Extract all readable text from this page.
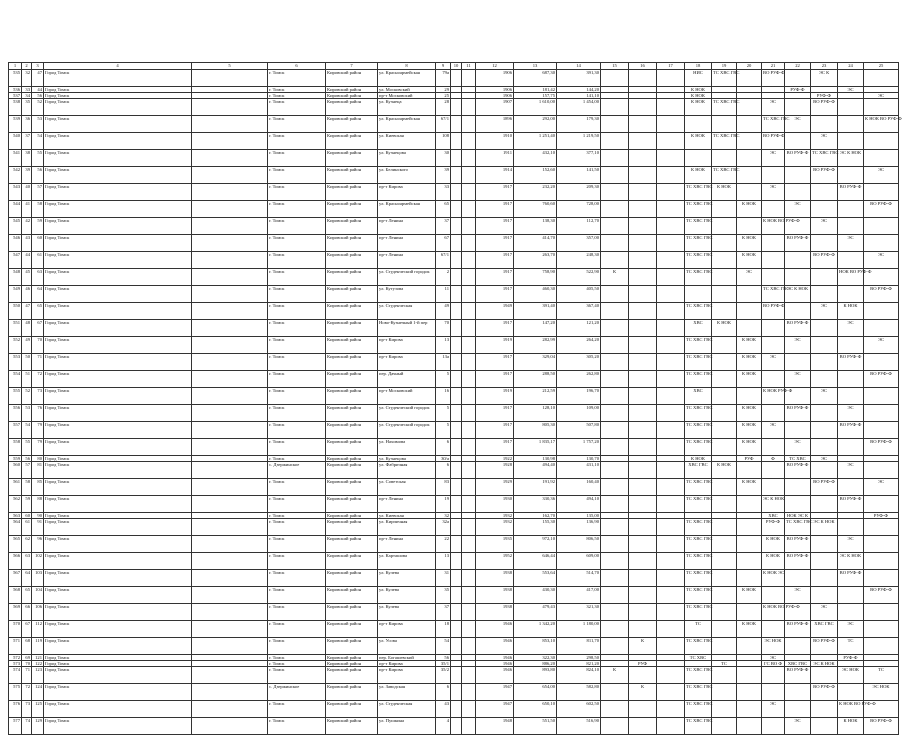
1	2	3	4	5	6	7	8	9	10	11	12	13	14	15	16	17	18	19	20	21	22	23	24	25	
535	32	47	Город Томск		г. Томск	Кировский район	ул. Красноармейская	79а			1906	687,30	391,30				НИС	ТС ХВС ГВС		ВО РУФ-Ф		ЭС К			
536	33	44	Город Томск		г. Томск	Кировский район	ул. Московский	29			1906	181,42	144,20				К НОК				РУФ-Ф		ЭС		
537	34	56	Город Томск		г. Томск	Кировский район	пр-т Московский	25			1906	157,75	141,10				К НОК					РУФ-Ф		ЭС	
538	35	52	Город Томск		г. Томск	Кировский район	ул. Кузнеца	28			1907	1 610,00	1 454,00				К НОК	ТС ХВС ГВС		ЭС		ВО РУФ-Ф			
539	36	53	Город Томск		г. Томск	Кировский район	ул. Красноармейская	67/1			1896	292,00	179,30							ТС ХВС ГВС	ЭС			К НОК ВО РУФ-Ф	
540	37	54	Город Томск		г. Томск	Кировский район	ул. Киевская	108			1910	1 251,40	1 219,50				К НОК	ТС ХВС ГВС		ВО РУФ-Ф		ЭС			
541	38	55	Город Томск		г. Томск	Кировский район	ул. Кузнецова	30			1911	432,10	377,10							ЭС	ВО РУФ-Ф	ТС ХВС ГВС	ЭС К НОК		
542	39	56	Город Томск		г. Томск	Кировский район	ул. Белинского	39			1914	152,60	141,50				К НОК	ТС ХВС ГВС				ВО РУФ-Ф		ЭС	
543	40	57	Город Томск		г. Томск	Кировский район	пр-т Кирова	33			1917	232,20	209,30				ТС ХВС ГВС	К НОК		ЭС			ВО РУФ-Ф		
544	41	58	Город Томск		г. Томск	Кировский район	ул. Красноармейская	65			1917	760,60	728,00				ТС ХВС ГВС		К НОК		ЭС			ВО РУФ-Ф	
545	42	59	Город Томск		г. Томск	Кировский район	пр-т Ленина	37			1917	138,30	112,70				ТС ХВС ГВС			К НОК ВО РУФ-Ф		ЭС			
546	43	60	Город Томск		г. Томск	Кировский район	пр-т Ленина	67			1917	414,70	357,00				ТС ХВС ГВС		К НОК		ВО РУФ-Ф		ЭС		
547	44	61	Город Томск		г. Томск	Кировский район	пр-т Ленина	67/1			1917	263,70	248,30				ТС ХВС ГВС		К НОК			ВО РУФ-Ф		ЭС	
548	45	63	Город Томск		г. Томск	Кировский район	ул. Студенческий городок	2			1917	758,90	522,90	К			ТС ХВС ГВС		ЭС				НОК ВО РУФ-Ф		
549	46	64	Город Томск		г. Томск	Кировский район	ул. Кутузова	11			1917	460,30	405,50							ТС ХВС ГВС	ЭС К НОК			ВО РУФ-Ф	
550	47	65	Город Томск		г. Томск	Кировский район	ул. Студенческая	49			1949	391,40	367,40				ТС ХВС ГВС			ВО РУФ-Ф		ЭС	К НОК		
551	48	67	Город Томск		г. Томск	Кировский район	Ново-Кузнечный 1-й пер	70			1917	147,20	121,20				ХВС	К НОК			ВО РУФ-Ф		ЭС		
552	49	70	Город Томск		г. Томск	Кировский район	пр-т Кирова	13			1919	282,99	264,20				ТС ХВС ГВС		К НОК		ЭС			ЭС	
553	50	71	Город Томск		г. Томск	Кировский район	пр-т Кирова	13а			1917	329,04	305,20				ТС ХВС ГВС		К НОК	ЭС			ВО РУФ-Ф		
554	51	72	Город Томск		г. Томск	Кировский район	пер. Дачный	5			1917	288,50	262,80				ТС ХВС ГВС		К НОК		ЭС			ВО РУФ-Ф	
555	52	73	Город Томск		г. Томск	Кировский район	пр-т Московский	16			1919	212,59	196,70				ХВС			К НОК РУФ-Ф		ЭС			
556	53	76	Город Томск		г. Томск	Кировский район	ул. Студенческий городок	5			1917	128,10	109,00				ТС ХВС ГВС		К НОК		ВО РУФ-Ф		ЭС		
557	54	79	Город Томск		г. Томск	Кировский район	ул. Студенческий городок	5			1917	805,30	507,80				ТС ХВС ГВС		К НОК	ЭС			ВО РУФ-Ф		
558	55	79	Город Томск		г. Томск	Кировский район	ул. Нахимова	6			1917	1 835,17	1 757,20				ТС ХВС ГВС		К НОК		ЭС			ВО РУФ-Ф	
559	56	80	Город Томск		г. Томск	Кировский район	ул. Кузнецова	30/а			1922	130,98	130,70				К НОК		РУФ	Ф	ТС ХВС	ЭС			
560	57	81	Город Томск		с. Дзержинское	Кировский район	ул. Фабричная	6			1928	494,40	431,10				ХВС ГВС	К НОК			ВО РУФ-Ф		ЭС		
561	58	85	Город Томск		г. Томск	Кировский район	ул. Советская	83			1929	191,92	160,40				ТС ХВС ГВС		К НОК			ВО РУФ-Ф		ЭС	
562	59	88	Город Томск		г. Томск	Кировский район	пр-т Ленина	19			1930	330,36	494,10				ТС ХВС ГВС			ЭС К НОК			ВО РУФ-Ф		
563	60	90	Город Томск		г. Томск	Кировский район	ул. Киевская	32			1932	162,70	135,00							ХВС	НОК ЭС К			РУФ-Ф	
564	61	91	Город Томск		г. Томск	Кировский район	ул. Кирпичная	32а			1932	155,30	136,90				ТС ХВС ГВС			РУФ-Ф	ТС ХВС ГВС	ЭС К НОК			
565	62	96	Город Томск		г. Томск	Кировский район	пр-т Ленина	22			1935	972,10	806,50				ТС ХВС ГВС			К НОК	ВО РУФ-Ф		ЭС		
566	63	102	Город Томск		г. Томск	Кировский район	ул. Карташова	13			1952	646,44	609,00				ТС ХВС ГВС			К НОК	ВО РУФ-Ф		ЭС К НОК		
567	64	103	Город Томск		г. Томск	Кировский район	ул. Кулева	31			1938	553,64	514,70				ТС ХВС ГВС			К НОК ЭС			ВО РУФ-Ф		
568	65	104	Город Томск		г. Томск	Кировский район	ул. Кулева	35			1938	430,30	417,00				ТС ХВС ГВС		К НОК		ЭС			ВО РУФ-Ф	
569	66	106	Город Томск		г. Томск	Кировский район	ул. Кулева	37			1938	479,43	321,30				ТС ХВС ГВС			К НОК ВО РУФ-Ф		ЭС			
570	67	112	Город Томск		г. Томск	Кировский район	пр-т Кирова	18			1946	1 342,20	1 180,00				ТС		К НОК		ВО РУФ-Ф	ХВС ГВС	ЭС		
571	68	119	Город Томск		г. Томск	Кировский район	ул. Усова	54			1946	853,10	811,70		К		ТС ХВС ГВС			ЭС НОК		ВО РУФ-Ф	ТС		
572	69	121	Город Томск		г. Томск	Кировский район	пер. Богашевский	56			1946	322,30	298,50				ТС ХВС			ЭС			РУФ-Ф		
573	70	122	Город Томск		г. Томск	Кировский район	пр-т Кирова	35/1			1946	886,20	821,20		РУФ			ТС		ГС ВО Ф	ХВС ГВС	ЭС К НОК			
574	71	123	Город Томск		г. Томск	Кировский район	пр-т Кирова	35/2			1946	893,80	824,10	К			ТС ХВС ГВС				ВО РУФ-Ф		ЭС НОК	ТС	
575	72	124	Город Томск		с. Дзержинское	Кировский район	ул. Заводская	6			1947	654,00	582,80		К		ТС ХВС ГВС					ВО РУФ-Ф		ЭС НОК	
576	73	125	Город Томск		г. Томск	Кировский район	ул. Студенческая	43			1947	650,10	602,50				ТС ХВС ГВС			ЭС			К НОК ВО РУФ-Ф		
577	74	129	Город Томск		г. Томск	Кировский район	ул. Пушкина	4			1948	551,50	516,90				ТС ХВС ГВС				ЭС		К НОК	ВО РУФ-Ф	
